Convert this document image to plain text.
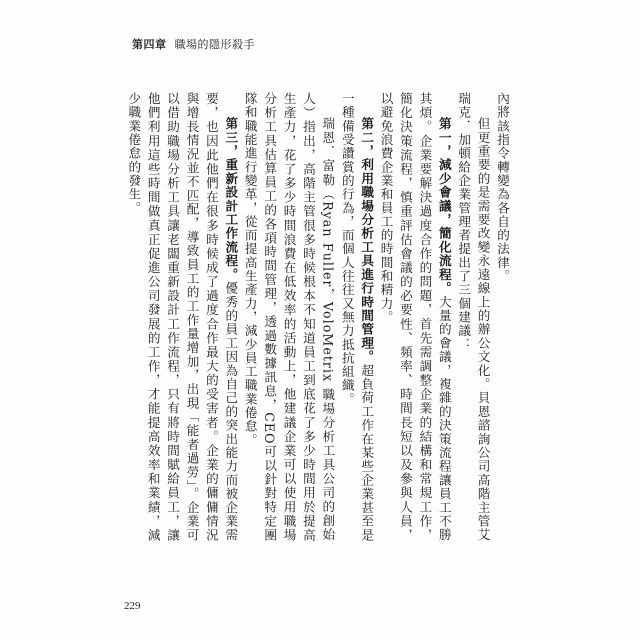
第四章 職場的隱形殺手

內將該指令轉變為各自的法律。

但更重要的是需要改變永遠線上的辦公文化。貝恩諮詢公司高階主管艾瑞克．加頓給企業管理者提出了三個建議：

第一，減少會議，簡化流程。大量的會議，複雜的決策流程讓員工不勝其煩。企業要解決過度合作的問題，首先需調整企業的結構和常規工作，簡化決策流程，慎重評估會議的必要性、頻率、時間長短以及參與人員，以避免浪費企業和員工的時間和精力。

第二，利用職場分析工具進行時間管理。超負荷工作在某些企業甚至是一種備受讚賞的行為，而個人往往又無力抵抗組織。

瑞恩．富勒（Ryan Fuller，VoloMetrix 職場分析工具公司的創始人）指出，高階主管很多時候根本不知道員工到底花了多少時間用於提高生產力，花了多少時間浪費在低效率的活動上，他建議企業可以使用職場分析工具估算員工的各項時間管理，透過數據訊息，CEO可以針對特定團隊和職能進行變革，從而提高生產力，減少員工職業倦怠。

第三，重新設計工作流程。優秀的員工因為自己的突出能力而被企業需要，也因此他們在很多時候成了過度合作最大的受害者。企業的傭傭情況與增長情況並不匹配，導致員工的工作量增加，出現「能者過勞」。企業可以借助職場分析工具讓老闆重新設計工作流程，只有將時間賦給員工，讓他們利用這些時間做真正促進公司發展的工作，才能提高效率和業績，減少職業倦怠的發生。

229
